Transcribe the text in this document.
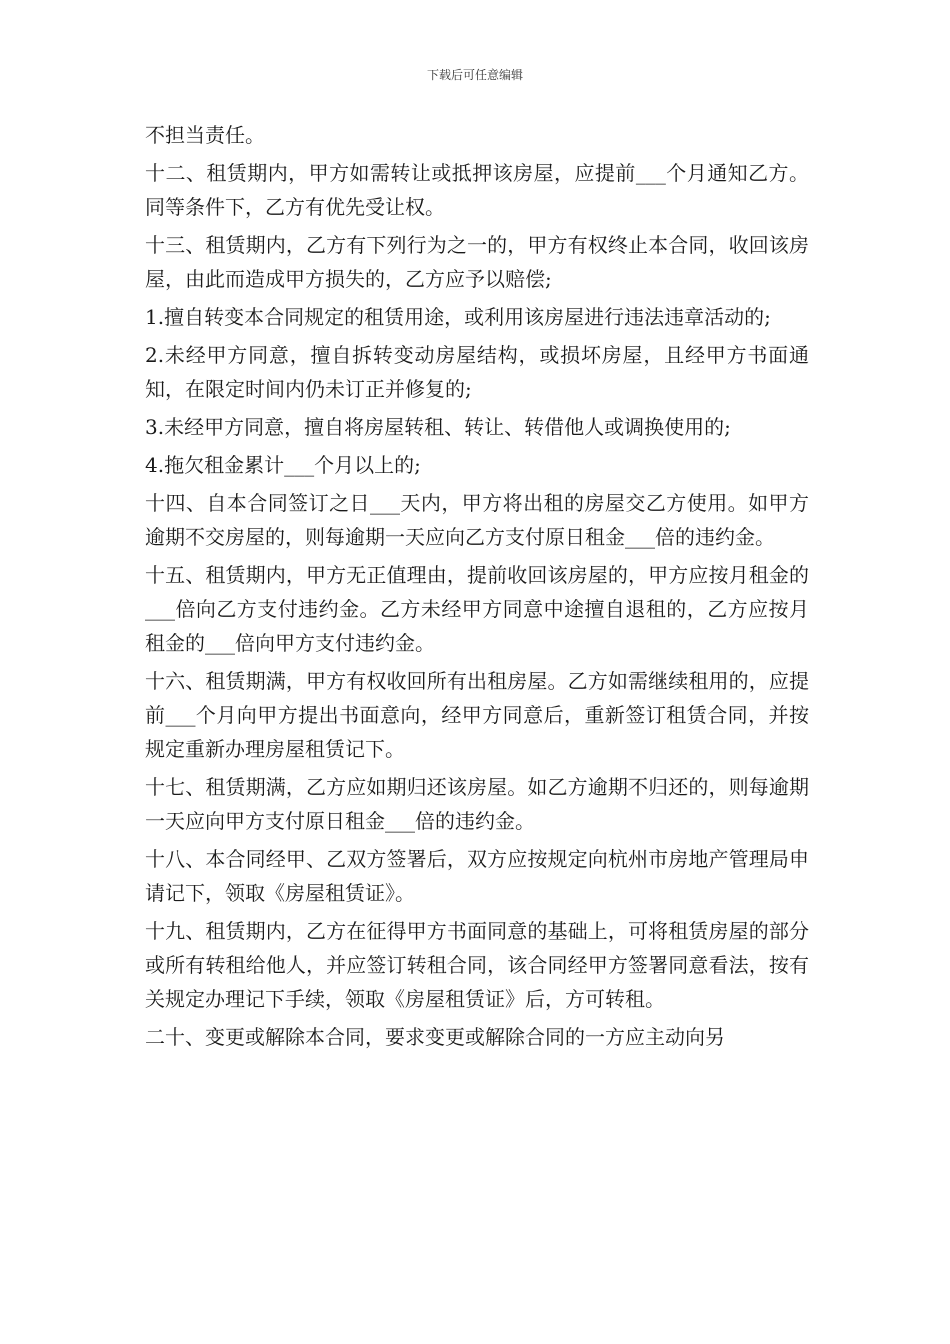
下载后可任意编辑

不担当责任。

十二、租赁期内，甲方如需转让或抵押该房屋，应提前___个月通知乙方。同等条件下，乙方有优先受让权。

十三、租赁期内，乙方有下列行为之一的，甲方有权终止本合同，收回该房屋，由此而造成甲方损失的，乙方应予以赔偿;

1.擅自转变本合同规定的租赁用途，或利用该房屋进行违法违章活动的;

2.未经甲方同意，擅自拆转变动房屋结构，或损坏房屋，且经甲方书面通知，在限定时间内仍未订正并修复的;

3.未经甲方同意，擅自将房屋转租、转让、转借他人或调换使用的;

4.拖欠租金累计___个月以上的;

十四、自本合同签订之日___天内，甲方将出租的房屋交乙方使用。如甲方逾期不交房屋的，则每逾期一天应向乙方支付原日租金___倍的违约金。

十五、租赁期内，甲方无正值理由，提前收回该房屋的，甲方应按月租金的___倍向乙方支付违约金。乙方未经甲方同意中途擅自退租的，乙方应按月租金的___倍向甲方支付违约金。

十六、租赁期满，甲方有权收回所有出租房屋。乙方如需继续租用的，应提前___个月向甲方提出书面意向，经甲方同意后，重新签订租赁合同，并按规定重新办理房屋租赁记下。

十七、租赁期满，乙方应如期归还该房屋。如乙方逾期不归还的，则每逾期一天应向甲方支付原日租金___倍的违约金。

十八、本合同经甲、乙双方签署后，双方应按规定向杭州市房地产管理局申请记下，领取《房屋租赁证》。

十九、租赁期内，乙方在征得甲方书面同意的基础上，可将租赁房屋的部分或所有转租给他人，并应签订转租合同，该合同经甲方签署同意看法，按有关规定办理记下手续，领取《房屋租赁证》后，方可转租。

二十、变更或解除本合同，要求变更或解除合同的一方应主动向另
